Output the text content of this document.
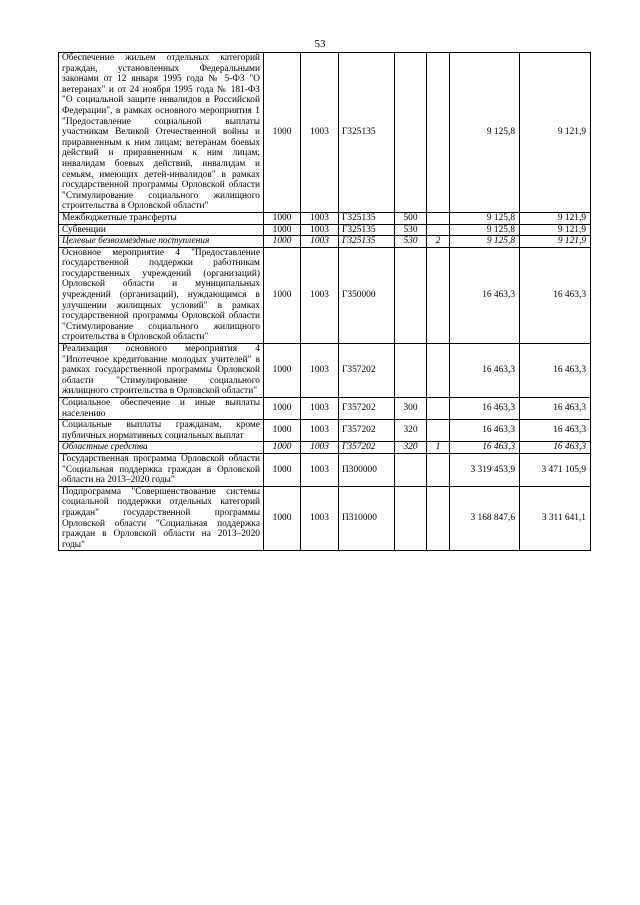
53
Обеспечение жильем отдельных категорий граждан, установленных Федеральными законами от 12 января 1995 года № 5-ФЗ "О ветеранах" и от 24 ноября 1995 года № 181-ФЗ "О социальной защите инвалидов в Российской Федерации", в рамках основного мероприятия 1 "Предоставление социальной выплаты участникам Великой Отечественной войны и приравненным к ним лицам; ветеранам боевых действий и приравненным к ним лицам; инвалидам боевых действий, инвалидам и семьям, имеющих детей-инвалидов" в рамках государственной программы Орловской области "Стимулирование социального жилищного строительства в Орловской области"	1000	1003	Г325135			9 125,8	9 121,9
Межбюджетные трансферты	1000	1003	Г325135	500		9 125,8	9 121,9
Субвенции	1000	1003	Г325135	530		9 125,8	9 121,9
Целевые безвозмездные поступления	1000	1003	Г325135	530	2	9 125,8	9 121,9
Основное мероприятие 4 "Предоставление государственной поддержки работникам государственных учреждений (организаций) Орловской области и муниципальных учреждений (организаций), нуждающимся в улучшении жилищных условий" в рамках государственной программы Орловской области "Стимулирование социального жилищного строительства в Орловской области"	1000	1003	Г350000			16 463,3	16 463,3
Реализация основного мероприятия 4 "Ипотечное кредитование молодых учителей" в рамках государственной программы Орловской области "Стимулирование социального жилищного строительства в Орловской области"	1000	1003	Г357202			16 463,3	16 463,3
Социальное обеспечение и иные выплаты населению	1000	1003	Г357202	300		16 463,3	16 463,3
Социальные выплаты гражданам, кроме публичных нормативных социальных выплат	1000	1003	Г357202	320		16 463,3	16 463,3
Областные средства	1000	1003	Г357202	320	1	16 463,3	16 463,3
Государственная программа Орловской области "Социальная поддержка граждан в Орловской области на 2013–2020 годы"	1000	1003	П300000			3 319 453,9	3 471 105,9
Подпрограмма "Совершенствование системы социальной поддержки отдельных категорий граждан" государственной программы Орловской области "Социальная поддержка граждан в Орловской области на 2013–2020 годы"	1000	1003	П310000			3 168 847,6	3 311 641,1
